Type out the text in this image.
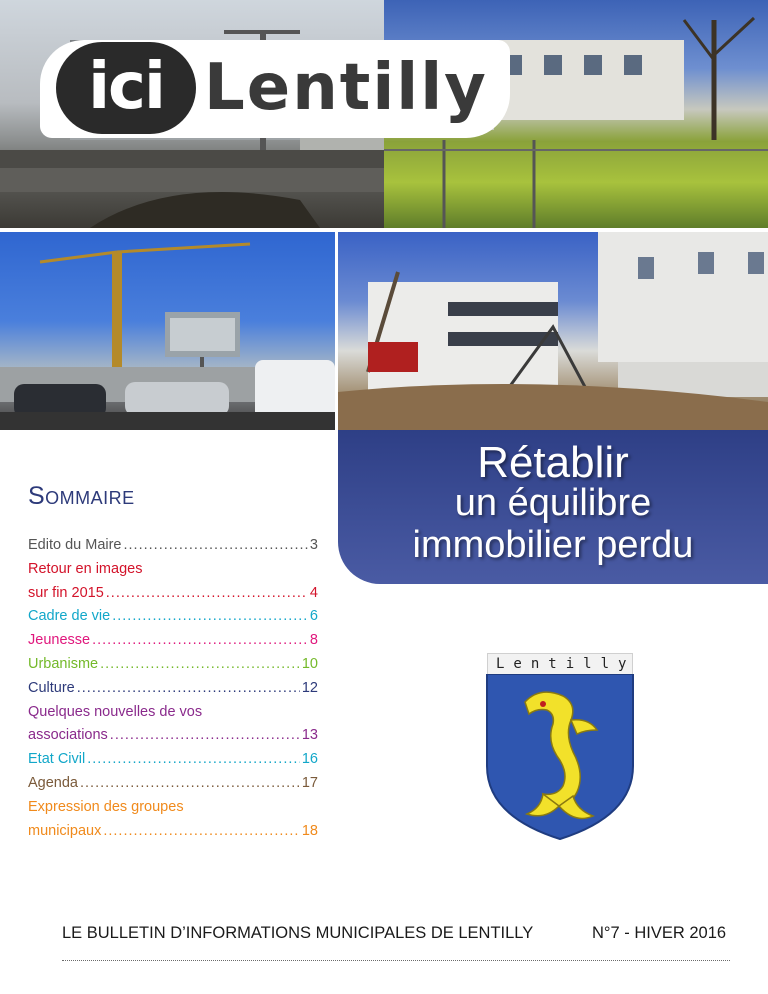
ici Lentilly
Rétablir
un équilibre
immobilier perdu
Sommaire
Edito du Maire .....	3
Retour en images
sur fin 2015 .....	4
Cadre de vie .....	6
Jeunesse .....	8
Urbanisme .....	10
Culture .....	12
Quelques nouvelles de vos
associations .....	13
Etat Civil .....	16
Agenda .....	17
Expression des groupes
municipaux .....	18
Lentilly
LE BULLETIN D’INFORMATIONS MUNICIPALES DE LENTILLY	N°7 - HIVER 2016
